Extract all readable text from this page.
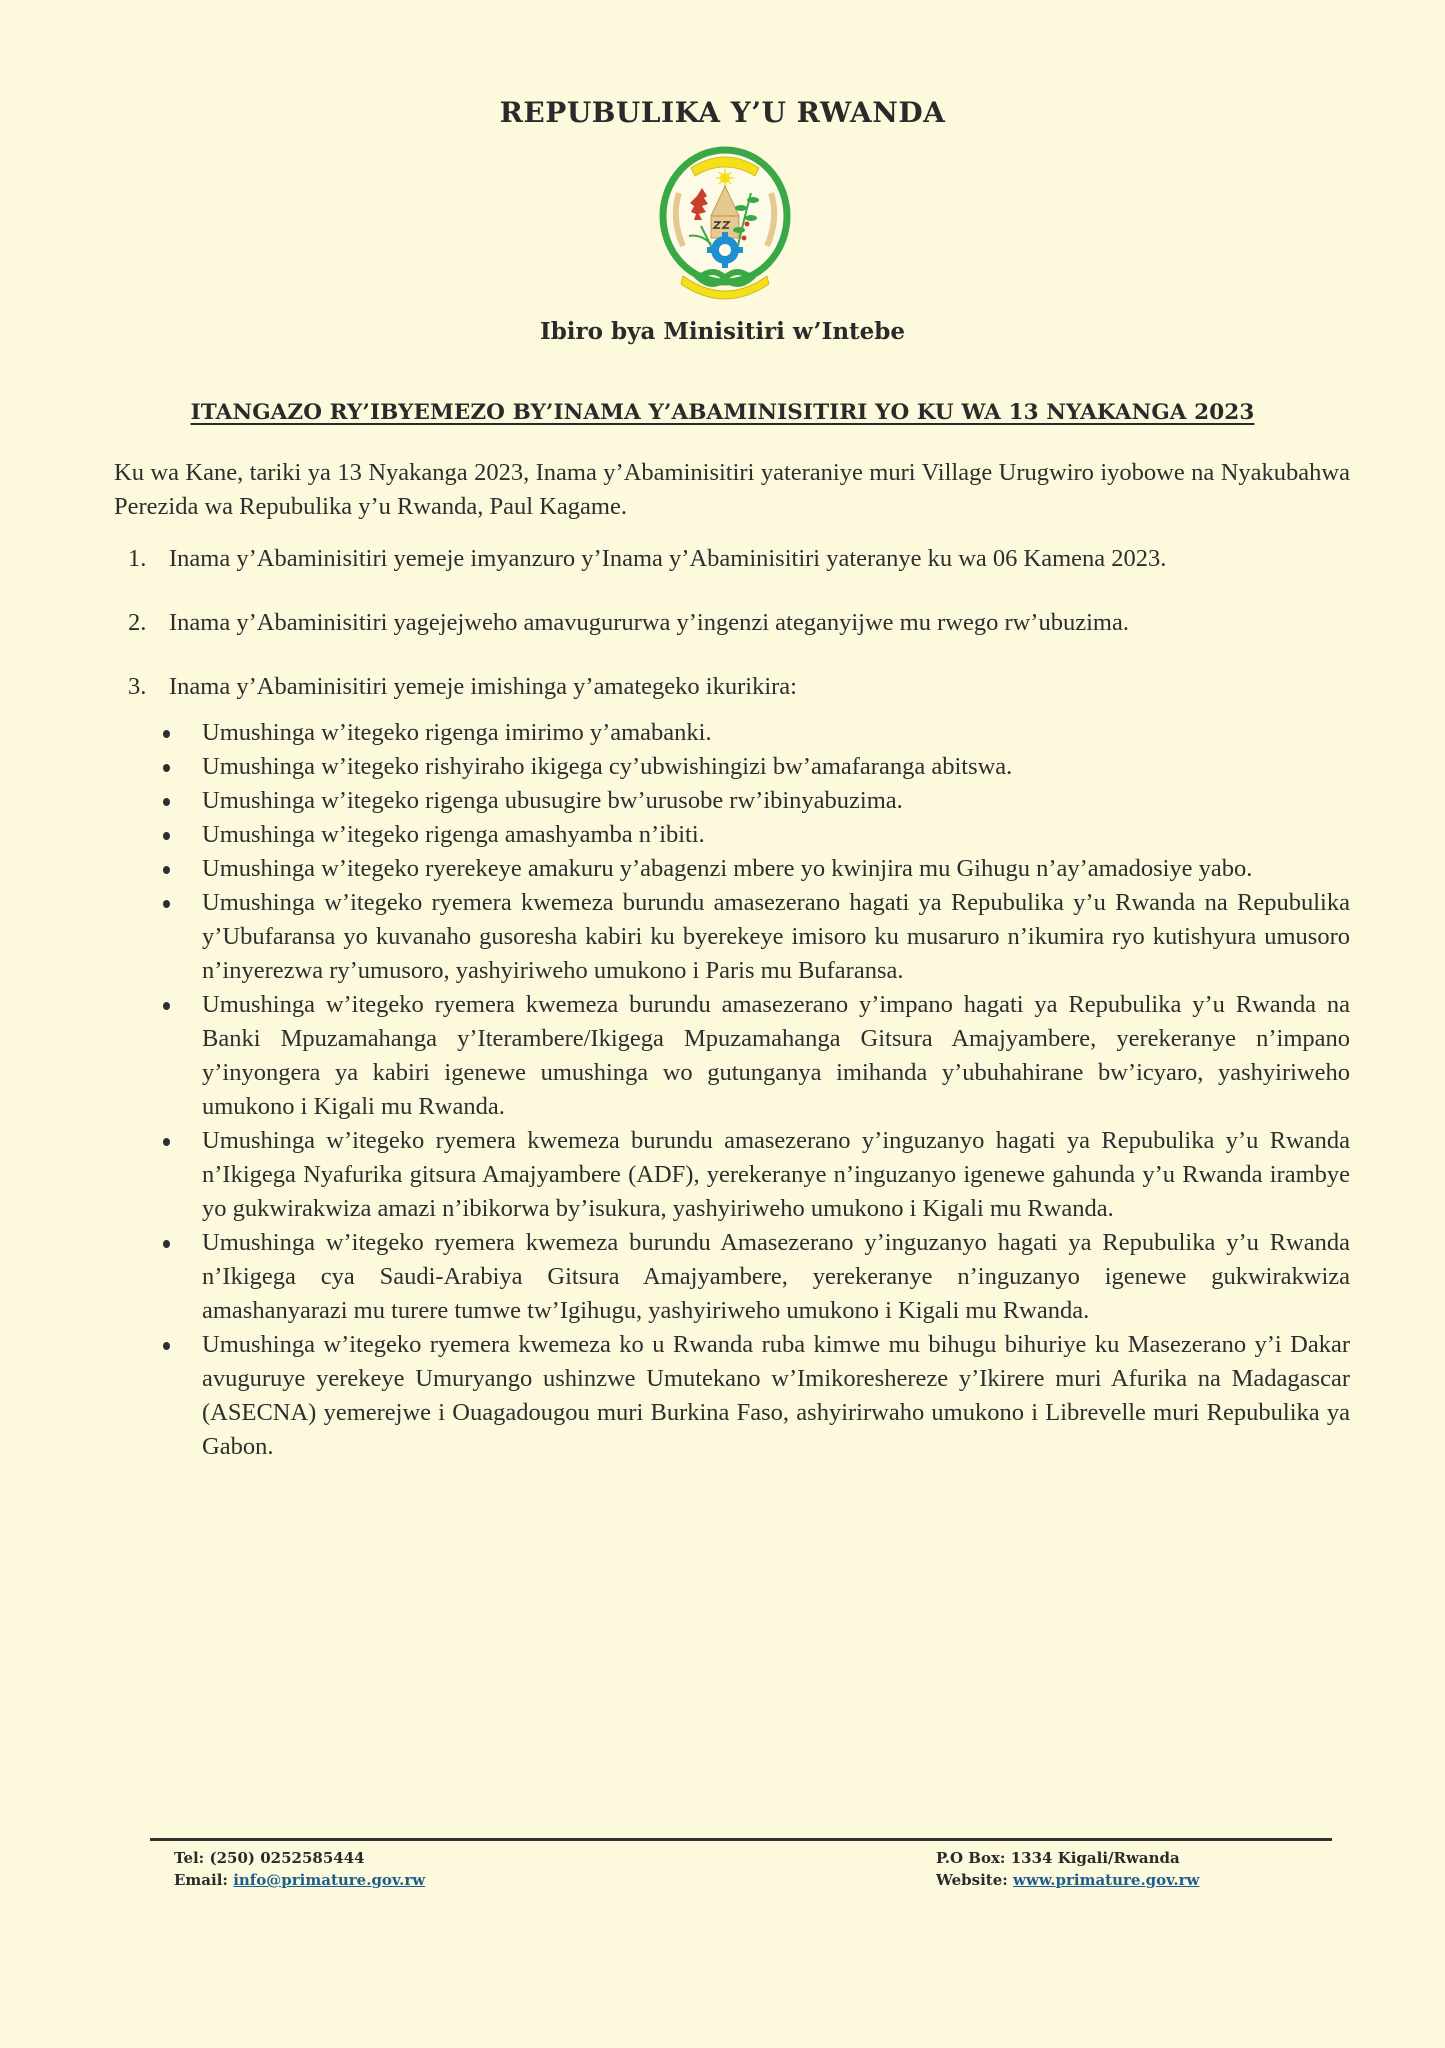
REPUBULIKA Y’U RWANDA
Ibiro bya Minisitiri w’Intebe
ITANGAZO RY’IBYEMEZO BY’INAMA Y’ABAMINISITIRI YO KU WA 13 NYAKANGA 2023

Ku wa Kane, tariki ya 13 Nyakanga 2023, Inama y’Abaminisitiri yateraniye muri Village Urugwiro iyobowe na Nyakubahwa Perezida wa Repubulika y’u Rwanda, Paul Kagame.

1. Inama y’Abaminisitiri yemeje imyanzuro y’Inama y’Abaminisitiri yateranye ku wa 06 Kamena 2023.
2. Inama y’Abaminisitiri yagejejweho amavugururwa y’ingenzi ateganyijwe mu rwego rw’ubuzima.
3. Inama y’Abaminisitiri yemeje imishinga y’amategeko ikurikira:
Umushinga w’itegeko rigenga imirimo y’amabanki.
Umushinga w’itegeko rishyiraho ikigega cy’ubwishingizi bw’amafaranga abitswa.
Umushinga w’itegeko rigenga ubusugire bw’urusobe rw’ibinyabuzima.
Umushinga w’itegeko rigenga amashyamba n’ibiti.
Umushinga w’itegeko ryerekeye amakuru y’abagenzi mbere yo kwinjira mu Gihugu n’ay’amadosiye yabo.
Umushinga w’itegeko ryemera kwemeza burundu amasezerano hagati ya Repubulika y’u Rwanda na Repubulika y’Ubufaransa yo kuvanaho gusoresha kabiri ku byerekeye imisoro ku musaruro n’ikumira ryo kutishyura umusoro n’inyerezwa ry’umusoro, yashyiriweho umukono i Paris mu Bufaransa.
Umushinga w’itegeko ryemera kwemeza burundu amasezerano y’impano hagati ya Repubulika y’u Rwanda na Banki Mpuzamahanga y’Iterambere/Ikigega Mpuzamahanga Gitsura Amajyambere, yerekeranye n’impano y’inyongera ya kabiri igenewe umushinga wo gutunganya imihanda y’ubuhahirane bw’icyaro, yashyiriweho umukono i Kigali mu Rwanda.
Umushinga w’itegeko ryemera kwemeza burundu amasezerano y’inguzanyo hagati ya Repubulika y’u Rwanda n’Ikigega Nyafurika gitsura Amajyambere (ADF), yerekeranye n’inguzanyo igenewe gahunda y’u Rwanda irambye yo gukwirakwiza amazi n’ibikorwa by’isukura, yashyiriweho umukono i Kigali mu Rwanda.
Umushinga w’itegeko ryemera kwemeza burundu Amasezerano y’inguzanyo hagati ya Repubulika y’u Rwanda n’Ikigega cya Saudi-Arabiya Gitsura Amajyambere, yerekeranye n’inguzanyo igenewe gukwirakwiza amashanyarazi mu turere tumwe tw’Igihugu, yashyiriweho umukono i Kigali mu Rwanda.
Umushinga w’itegeko ryemera kwemeza ko u Rwanda ruba kimwe mu bihugu bihuriye ku Masezerano y’i Dakar avuguruye yerekeye Umuryango ushinzwe Umutekano w’Imikoreshereze y’Ikirere muri Afurika na Madagascar (ASECNA) yemerejwe i Ouagadougou muri Burkina Faso, ashyirirwaho umukono i Librevelle muri Repubulika ya Gabon.
Tel: (250) 0252585444
Email: info@primature.gov.rw
P.O Box: 1334 Kigali/Rwanda
Website: www.primature.gov.rw
